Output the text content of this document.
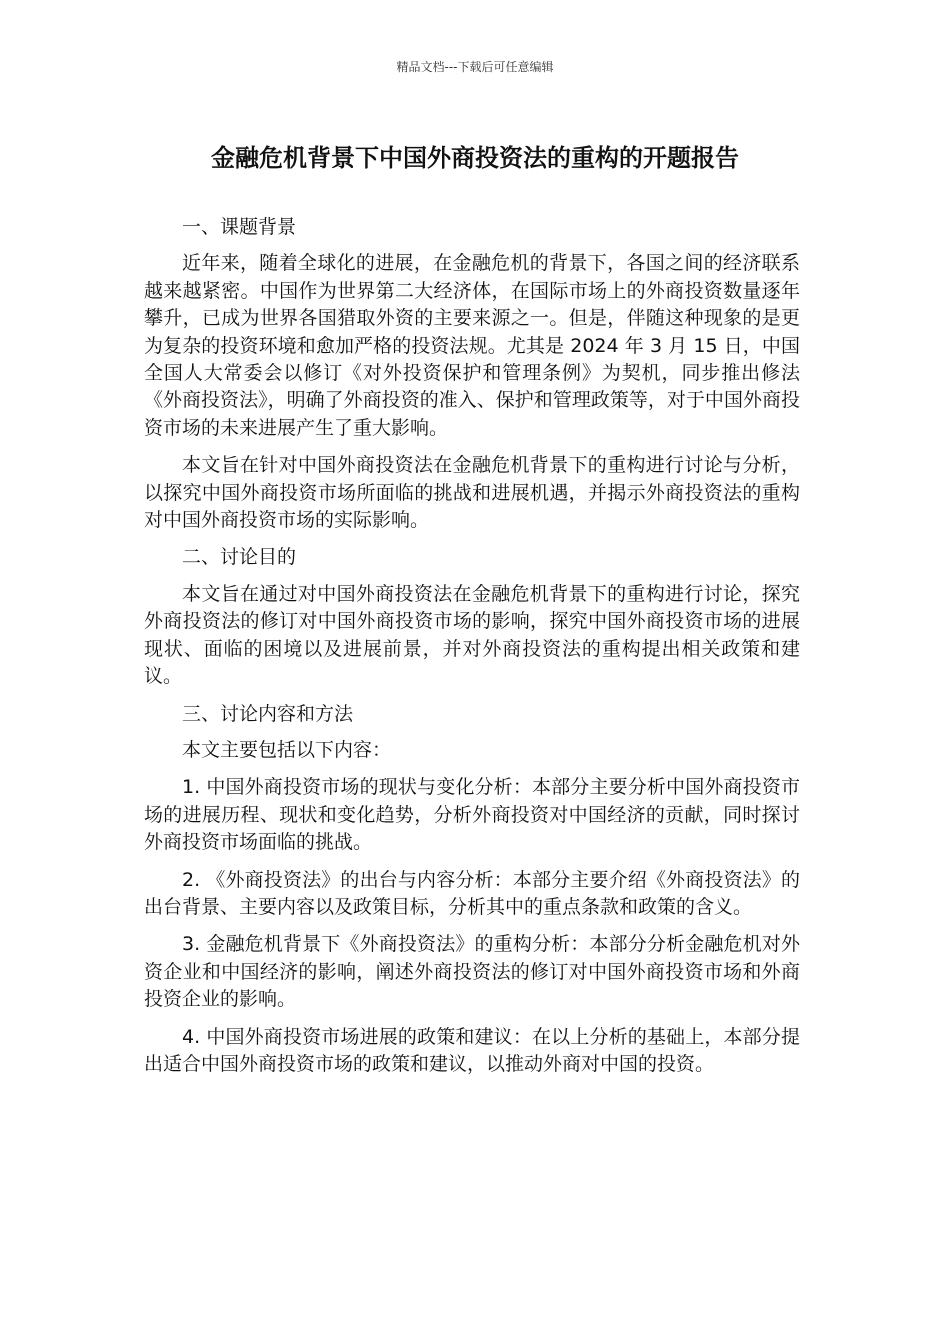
精品文档---下载后可任意编辑
金融危机背景下中国外商投资法的重构的开题报告

一、课题背景

近年来，随着全球化的进展，在金融危机的背景下，各国之间的经济联系越来越紧密。中国作为世界第二大经济体，在国际市场上的外商投资数量逐年攀升，已成为世界各国猎取外资的主要来源之一。但是，伴随这种现象的是更为复杂的投资环境和愈加严格的投资法规。尤其是 2024 年 3 月 15 日，中国全国人大常委会以修订《对外投资保护和管理条例》为契机，同步推出修法《外商投资法》，明确了外商投资的准入、保护和管理政策等，对于中国外商投资市场的未来进展产生了重大影响。

本文旨在针对中国外商投资法在金融危机背景下的重构进行讨论与分析，以探究中国外商投资市场所面临的挑战和进展机遇，并揭示外商投资法的重构对中国外商投资市场的实际影响。

二、讨论目的

本文旨在通过对中国外商投资法在金融危机背景下的重构进行讨论，探究外商投资法的修订对中国外商投资市场的影响，探究中国外商投资市场的进展现状、面临的困境以及进展前景，并对外商投资法的重构提出相关政策和建议。

三、讨论内容和方法

本文主要包括以下内容：

1. 中国外商投资市场的现状与变化分析：本部分主要分析中国外商投资市场的进展历程、现状和变化趋势，分析外商投资对中国经济的贡献，同时探讨外商投资市场面临的挑战。

2. 《外商投资法》的出台与内容分析：本部分主要介绍《外商投资法》的出台背景、主要内容以及政策目标，分析其中的重点条款和政策的含义。

3. 金融危机背景下《外商投资法》的重构分析：本部分分析金融危机对外资企业和中国经济的影响，阐述外商投资法的修订对中国外商投资市场和外商投资企业的影响。

4. 中国外商投资市场进展的政策和建议：在以上分析的基础上，本部分提出适合中国外商投资市场的政策和建议，以推动外商对中国的投资。
